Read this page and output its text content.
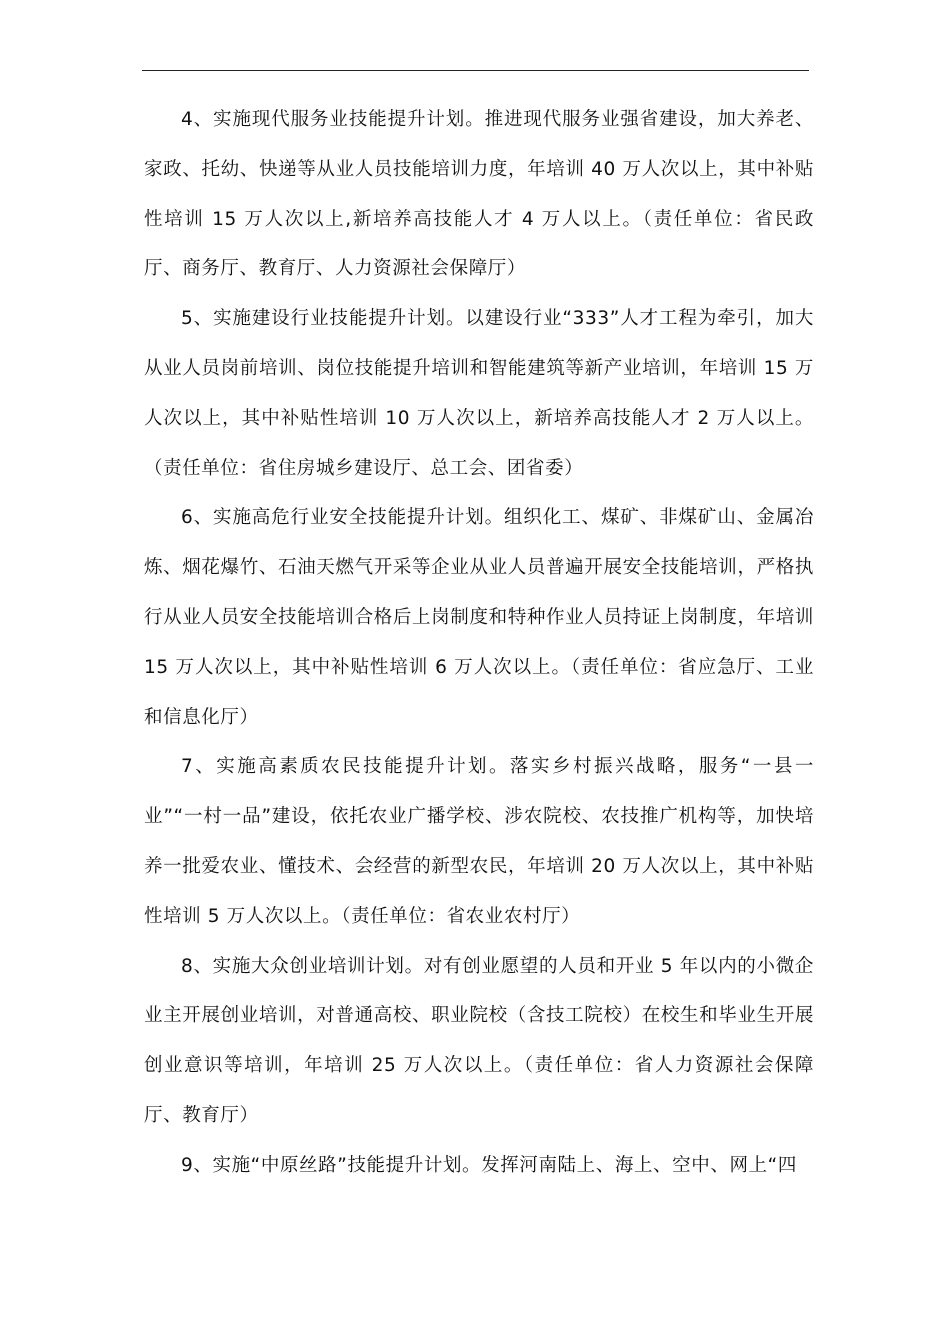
4、实施现代服务业技能提升计划。推进现代服务业强省建设，加大养老、家政、托幼、快递等从业人员技能培训力度，年培训 40 万人次以上，其中补贴性培训 15 万人次以上,新培养高技能人才 4 万人以上。（责任单位：省民政厅、商务厅、教育厅、人力资源社会保障厅）

5、实施建设行业技能提升计划。以建设行业“333”人才工程为牵引，加大从业人员岗前培训、岗位技能提升培训和智能建筑等新产业培训，年培训 15 万人次以上，其中补贴性培训 10 万人次以上，新培养高技能人才 2 万人以上。（责任单位：省住房城乡建设厅、总工会、团省委）

6、实施高危行业安全技能提升计划。组织化工、煤矿、非煤矿山、金属冶炼、烟花爆竹、石油天燃气开采等企业从业人员普遍开展安全技能培训，严格执行从业人员安全技能培训合格后上岗制度和特种作业人员持证上岗制度，年培训 15 万人次以上，其中补贴性培训 6 万人次以上。（责任单位：省应急厅、工业和信息化厅）

7、实施高素质农民技能提升计划。落实乡村振兴战略，服务“一县一业”“一村一品”建设，依托农业广播学校、涉农院校、农技推广机构等，加快培养一批爱农业、懂技术、会经营的新型农民，年培训 20 万人次以上，其中补贴性培训 5 万人次以上。（责任单位：省农业农村厅）

8、实施大众创业培训计划。对有创业愿望的人员和开业 5 年以内的小微企业主开展创业培训，对普通高校、职业院校（含技工院校）在校生和毕业生开展创业意识等培训，年培训 25 万人次以上。（责任单位：省人力资源社会保障厅、教育厅）

9、实施“中原丝路”技能提升计划。发挥河南陆上、海上、空中、网上“四
